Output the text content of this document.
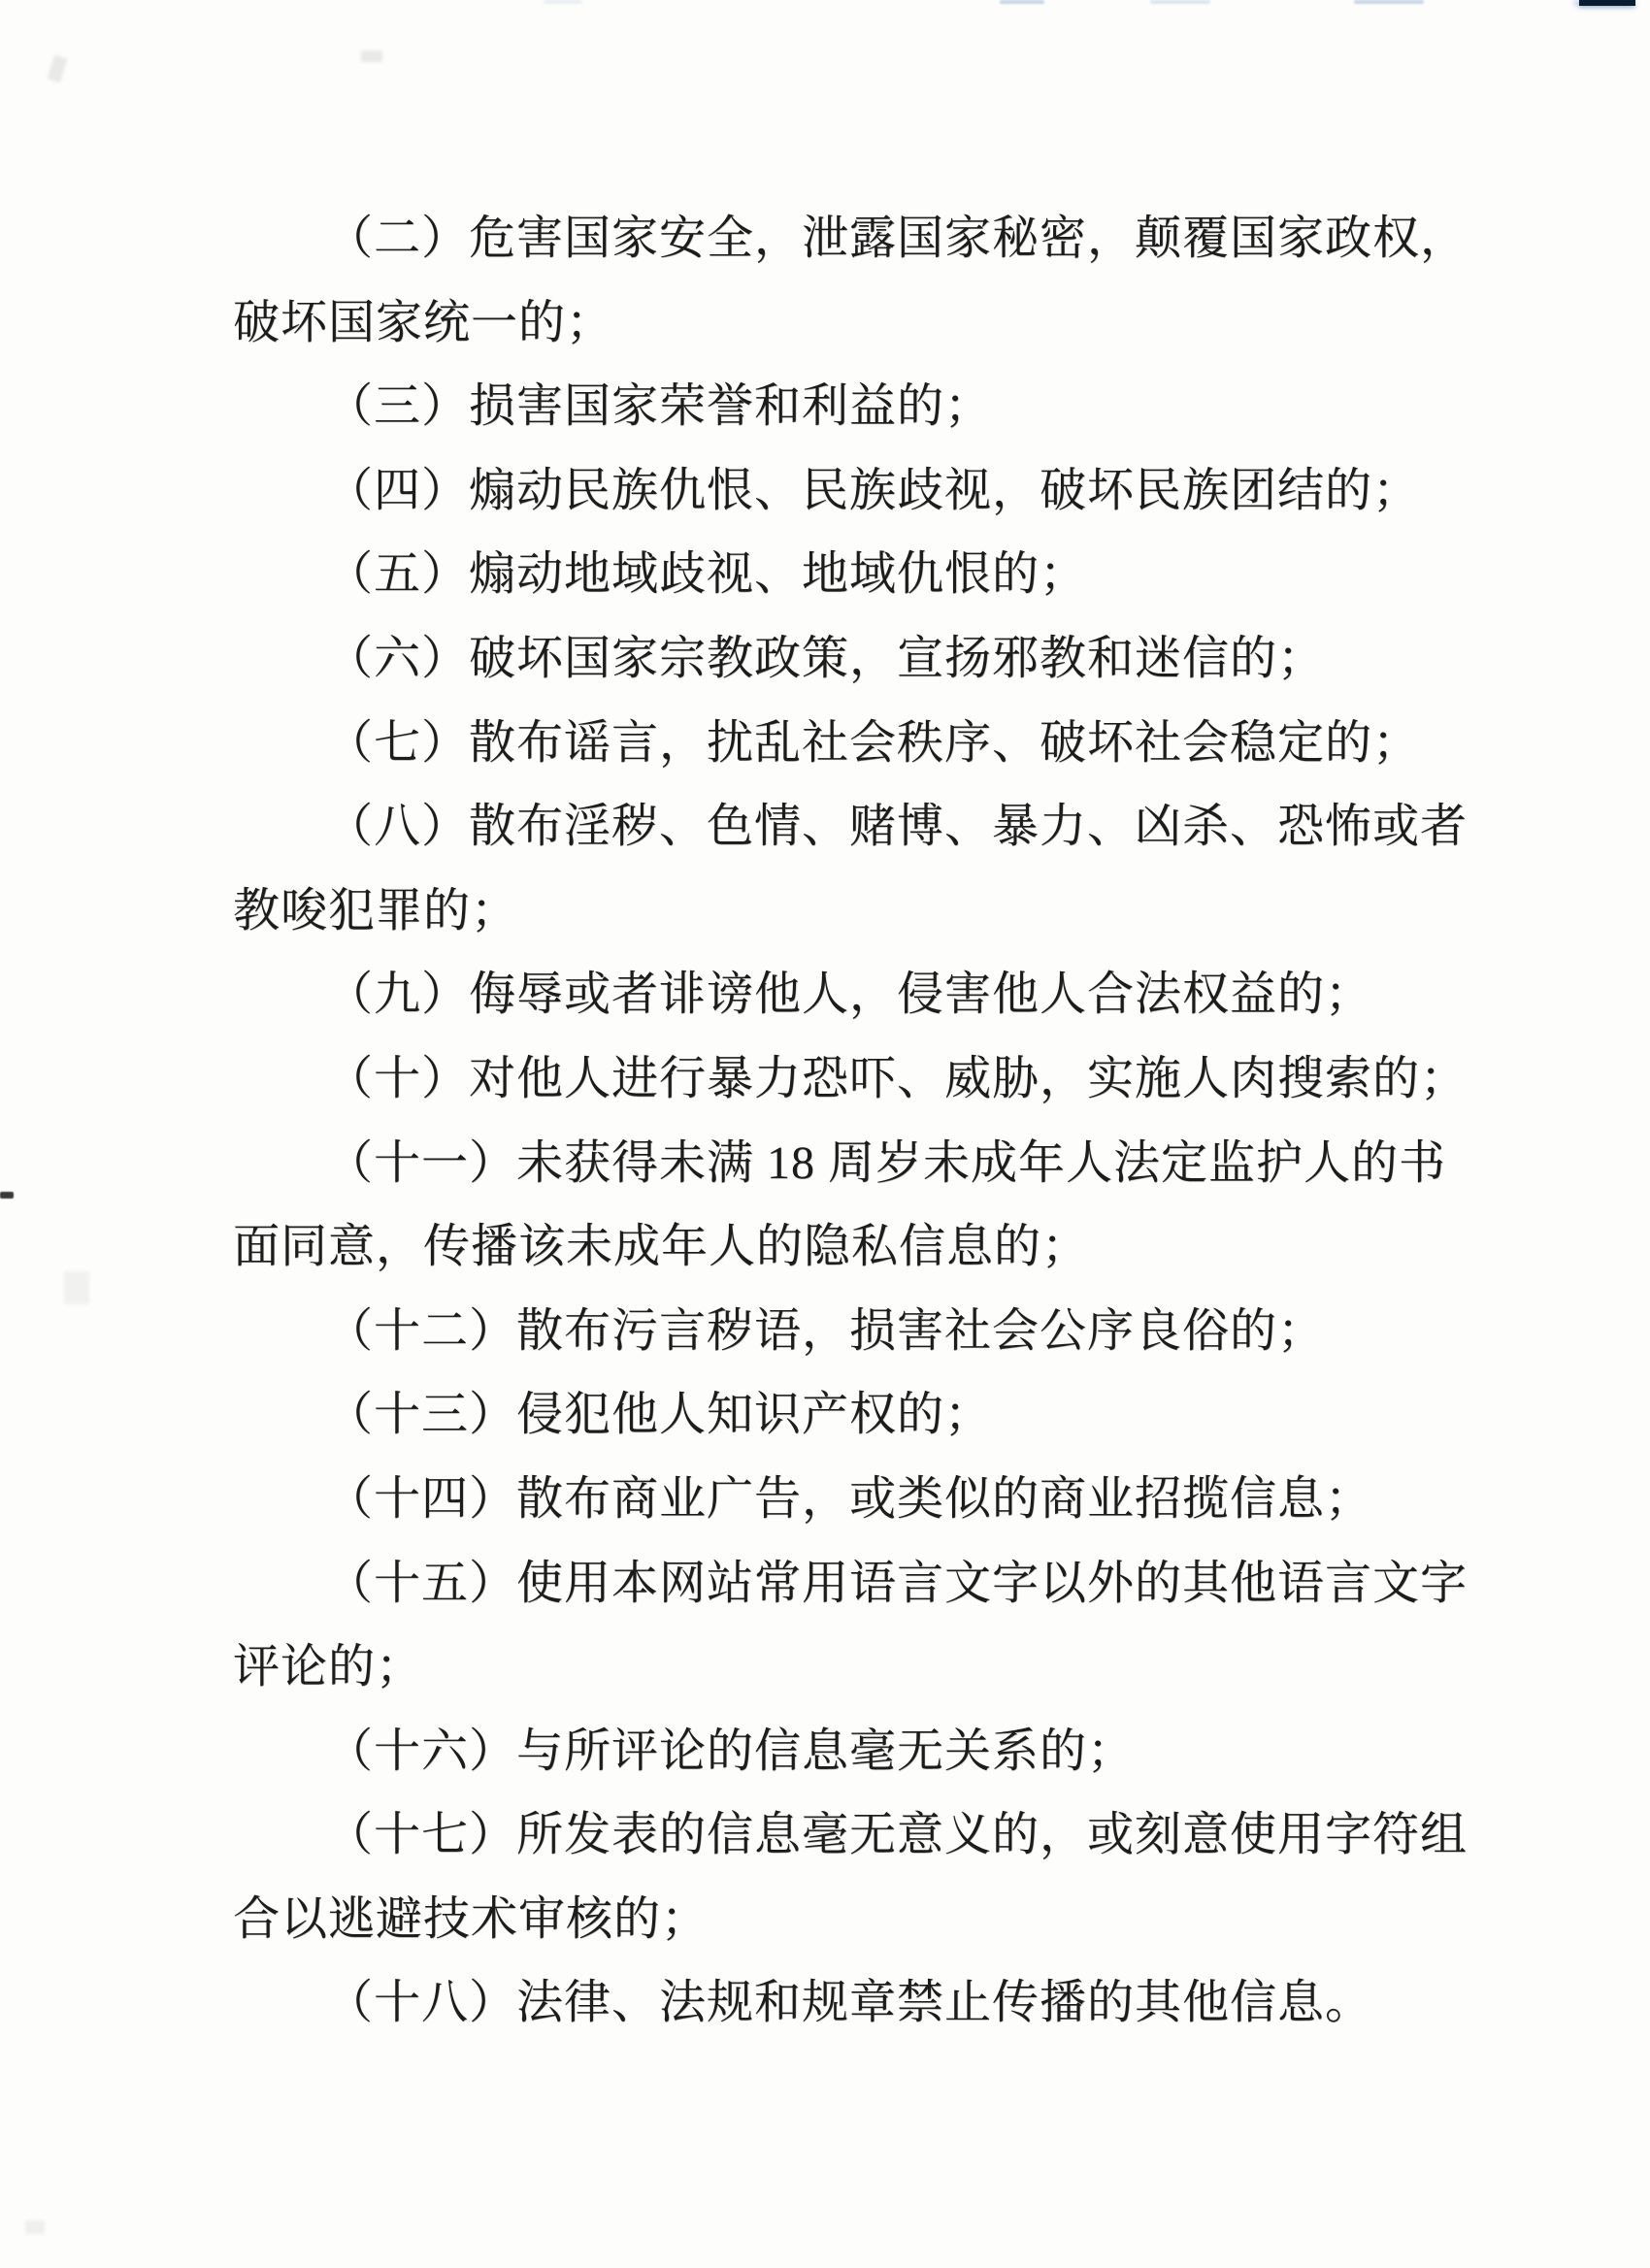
（二）危害国家安全，泄露国家秘密，颠覆国家政权，
破坏国家统一的；
（三）损害国家荣誉和利益的；
（四）煽动民族仇恨、民族歧视，破坏民族团结的；
（五）煽动地域歧视、地域仇恨的；
（六）破坏国家宗教政策，宣扬邪教和迷信的；
（七）散布谣言，扰乱社会秩序、破坏社会稳定的；
（八）散布淫秽、色情、赌博、暴力、凶杀、恐怖或者
教唆犯罪的；
（九）侮辱或者诽谤他人，侵害他人合法权益的；
（十）对他人进行暴力恐吓、威胁，实施人肉搜索的；
（十一）未获得未满 18 周岁未成年人法定监护人的书
面同意，传播该未成年人的隐私信息的；
（十二）散布污言秽语，损害社会公序良俗的；
（十三）侵犯他人知识产权的；
（十四）散布商业广告，或类似的商业招揽信息；
（十五）使用本网站常用语言文字以外的其他语言文字
评论的；
（十六）与所评论的信息毫无关系的；
（十七）所发表的信息毫无意义的，或刻意使用字符组
合以逃避技术审核的；
（十八）法律、法规和规章禁止传播的其他信息。
